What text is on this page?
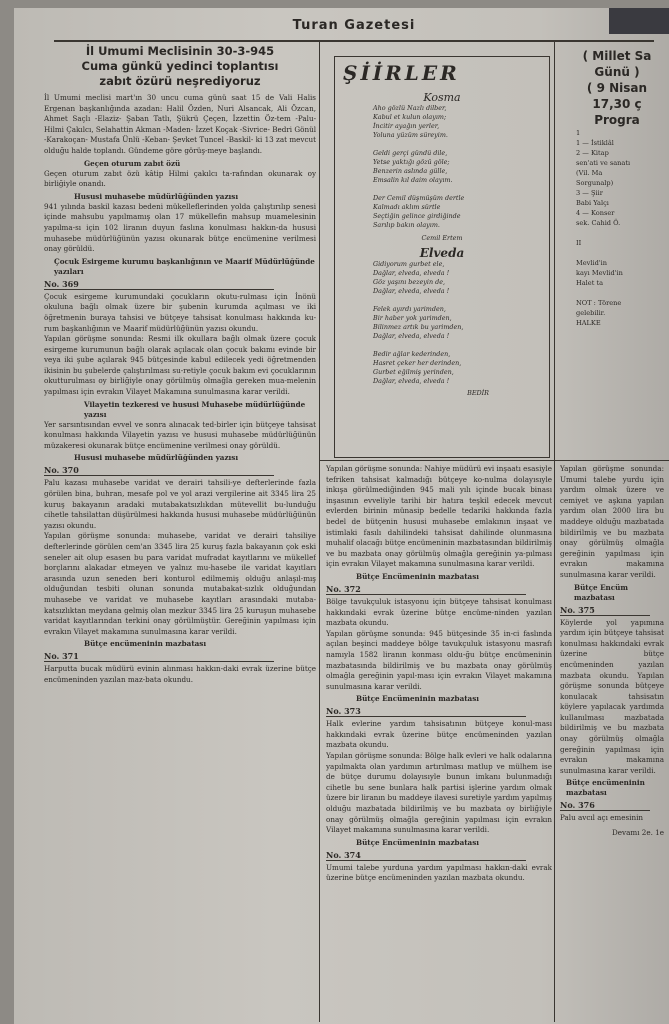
Turan Gazetesi
İl Umumi Meclisinin 30-3-945
Cuma günkü yedinci toplantısı
zabıt özürü neşrediyoruz

İl Umumi meclisi mart'ın 30 uncu cuma günü saat 15 de Vali Halis Ergenan başkanlığında azadan: Halil Özden, Nuri Alsancak, Ali Özcan, Ahmet Saçlı -Elaziz- Şaban Tatlı, Şükrü Çeçen, İzzettin Öz-tem -Palu- Hilmi Çakılcı, Selahattin Akman -Maden- İzzet Koçak -Sivrice- Bedri Gönül -Karakoçan- Mustafa Ünlü -Keban- Şevket Tuncel -Baskil- ki 13 zat mevcut olduğu halde toplandı. Gündeme göre görüş-meye başlandı.

Geçen oturum zabıt özü

Geçen oturum zabıt özü kâtip Hilmi çakılcı ta-rafından okunarak oy birliğiyle onandı.

Hususi muhasebe müdürlüğünden yazısı

941 yılında baskil kazası bedeni mükelleflerinden yolda çalıştırılıp senesi içinde mahsubu yapılmamış olan 17 mükellefin mahsup muamelesinin yapılma-sı için 102 liranın duyun faslına konulması hakkın-da hususi muhasebe müdürlüğünün yazısı okunarak bütçe encümenine verilmesi onay görüldü.

Çocuk Esirgeme kurumu başkanlığının ve Maarif Müdürlüğünde yazıları
No. 369

Çocuk esirgeme kurumundaki çocukların okutu-rulması için İnönü okuluna bağlı olmak üzere bir şubenin kurumda açılması ve iki öğretmenin buraya tahsisi ve bütçeye tahsisat konulması hakkında ku-rum başkanlığının ve Maarif müdürlüğünün yazısı okundu.

Yapılan görüşme sonunda: Resmi ilk okullara bağlı olmak üzere çocuk esirgeme kurumunun bağlı olarak açılacak olan çocuk bakımı evinde bir veya iki şube açılarak 945 bütçesinde kabul edilecek yedi öğretmenden ikisinin bu şubelerde çalıştırılması su-retiyle çocuk bakım evi çocuklarının okutturulması oy birliğiyle onay görülmüş olmağla gereken mua-melenin yapılması için evrakın Vilayet Makamına sunulmasına karar verildi.

Vilayetin tezkeresi ve hususi Muhasebe müdürlüğünde yazısı

Yer sarsıntısından evvel ve sonra alınacak ted-birler için bütçeye tahsisat konulması hakkında Vilayetin yazısı ve hususi muhasebe müdürlüğünün müzakeresi okunarak bütçe encümenine verilmesi onay görüldü.

Hususi muhasebe müdürlüğünden yazısı
No. 370

Palu kazası muhasebe varidat ve derairi tahsili-ye defterlerinde fazla görülen bina, buhran, mesafe pol ve yol arazi vergilerine ait 3345 lira 25 kuruş bakayanın aradaki mutabakatsızlıkdan mütevellit bu-lunduğu cihetle tahsilattan düşürülmesi hakkında hususi muhasebe müdürlüğünün yazısı okundu.

Yapılan görüşme sonunda: muhasebe, varidat ve derairi tahsiliye defterlerinde görülen cem'an 3345 lira 25 kuruş fazla bakayanın çok eski seneler ait olup esasen bu para varidat mufradat kayıtlarını ve mükellef borçlarını alakadar etmeyen ve yalnız mu-hasebe ile varidat kayıtları arasında uzun seneden beri konturol edilmemiş olduğu anlaşıl-mış olduğundan tesbiti olunan sonunda mutabakat-sızlık olduğundan muhasebe ve varidat ve muhasebe kayıtları arasındaki mutaba-katsızlıktan meydana gelmiş olan mezkur 3345 lira 25 kuruşun muhasebe varidat kayıtlarından terkini onay görülmüştür. Gereğinin yapılması için evrakın Vilayet makamına sunulmasına karar verildi.

Bütçe encümeninin mazbatası
No. 371

Harputta bucak müdürü evinin alınması hakkın-daki evrak üzerine bütçe encümeninden yazılan maz-bata okundu.

ŞİİRLER
Kosma
Aho gözlü Nazlı dilber,
Kabul et kulun olayım;
İncitir ayağın yerler,
Yoluna yüzüm süreyim.

Geldi gerçi gündü dile,
Yetse yaktığı gözü göle;
Benzerin aslında gülle,
Emsalin kıl daim olayım.

Der Cemil düşmüşüm dertle
Kalmadı aklım sürtle
Seçtiğin gelince girdiğinde
Sarılıp bakın olayım.
Cemil Ertem
Elveda
Gidiyorum gurbet ele,
Dağlar, elveda, elveda !
Göz yaşını bezeyin de,
Dağlar, elveda, elveda !

Felek ayırdı yarimden,
Bir haber yok yarimden,
Bilinmez artık bu yarimden,
Dağlar, elveda, elveda !

Bedir ağlar kederinden,
Hasret çeker her derinden,
Gurbet eğilmiş yerinden,
Dağlar, elveda, elveda !
BEDİR
( Millet Sa
Günü )
( 9 Nisan
17,30 ç
Progra
1
1 — İstiklâl
2 — Kitap
sen'ati ve sanatı
(Vil. Ma
Sorgunalp)
3 — Şiir
Babi Yalçı
4 — Konser
sek. Cahid Ö.

II

Mevlid'in
kayı Mevlid'in
Halet ta

NOT : Törene
gelebilir.
HALKE

Yapılan görüşme sonunda: Nahiye müdürü evi inşaatı esasiyle tefriken tahsisat kalmadığı bütçeye ko-nulma dolayısıyle inkışa görülmediğinden 945 mali yılı içinde bucak binası inşasının evveliyle tarihi bir hatıra teşkil edecek mevcut evlerden birinin münasip bedelle tedariki hakkında fazla bedel de bütçenin hususi muhasebe emlakının inşaat ve istimlaki fasılı dahilindeki tahsisat dahilinde olunmasına muhalif olacağı bütçe encümeninin mazbatasından bildirilmiş ve bu mazbata onay görülmüş olmağla gereğinin ya-pılması için evrakın Vilayet makamına sunulmasına karar verildi.

Bütçe Encümeninin mazbatası
No. 372

Bölge tavukçuluk istasyonu için bütçeye tahsisat konulması hakkındaki evrak üzerine bütçe encüme-ninden yazılan mazbata okundu.

Yapılan görüşme sonunda: 945 bütçesinde 35 in-ci faslında açılan beşinci maddeye bölge tavukçuluk istasyonu masrafı namıyla 1582 liranın konması oldu-ğu bütçe encümeninin mazbatasında bildirilmiş ve bu mazbata onay görülmüş olmağla gereğinin yapıl-ması için evrakın Vilayet makamına sunulmasına karar verildi.

Bütçe Encümeninin mazbatası
No. 373

Halk evlerine yardım tahsisatının bütçeye konul-ması hakkındaki evrak üzerine bütçe encümeninden yazılan mazbata okundu.

Yapılan görüşme sonunda: Bölge halk evleri ve halk odalarına yapılmakta olan yardımın artırılması matlup ve mülhem ise de bütçe durumu dolayısıyle bunun imkanı bulunmadığı cihetle bu sene bunlara halk partisi işlerine yardım olmak üzere bir liranın bu maddeye ilavesi suretiyle yardım yapılmış olduğu mazbatada bildirilmiş ve bu mazbata oy birliğiyle onay görülmüş olmağla gereğinin yapılması için evrakın Vilayet makamına sunulmasına karar verildi.

Bütçe Encümeninin mazbatası
No. 374

Umumi talebe yurduna yardım yapılması hakkın-daki evrak üzerine bütçe encümeninden yazılan mazbata okundu.

Yapılan görüşme sonunda: Umumi talebe yurdu için yardım olmak üzere ve cemiyet ve aşkına yapılan yardım olan 2000 lira bu maddeye olduğu mazbatada bildirilmiş ve bu mazbata onay görülmüş olmağla gereğinin yapılması için evrakın makamına sunulmasına karar verildi.

Bütçe Encüm mazbatası
No. 375

Köylerde yol yapımına yardım için bütçeye tahsisat konulması hakkındaki evrak üzerine bütçe encümeninden yazılan mazbata okundu. Yapılan görüşme sonunda bütçeye konulacak tahsisatın köylere yapılacak yardımda kullanılması mazbatada bildirilmiş ve bu mazbata onay görülmüş olmağla gereğinin yapılması için evrakın makamına sunulmasına karar verildi.

Bütçe encümeninin mazbatası
No. 376

Palu avcıl açı emesinin

Devamı 2e. 1e
